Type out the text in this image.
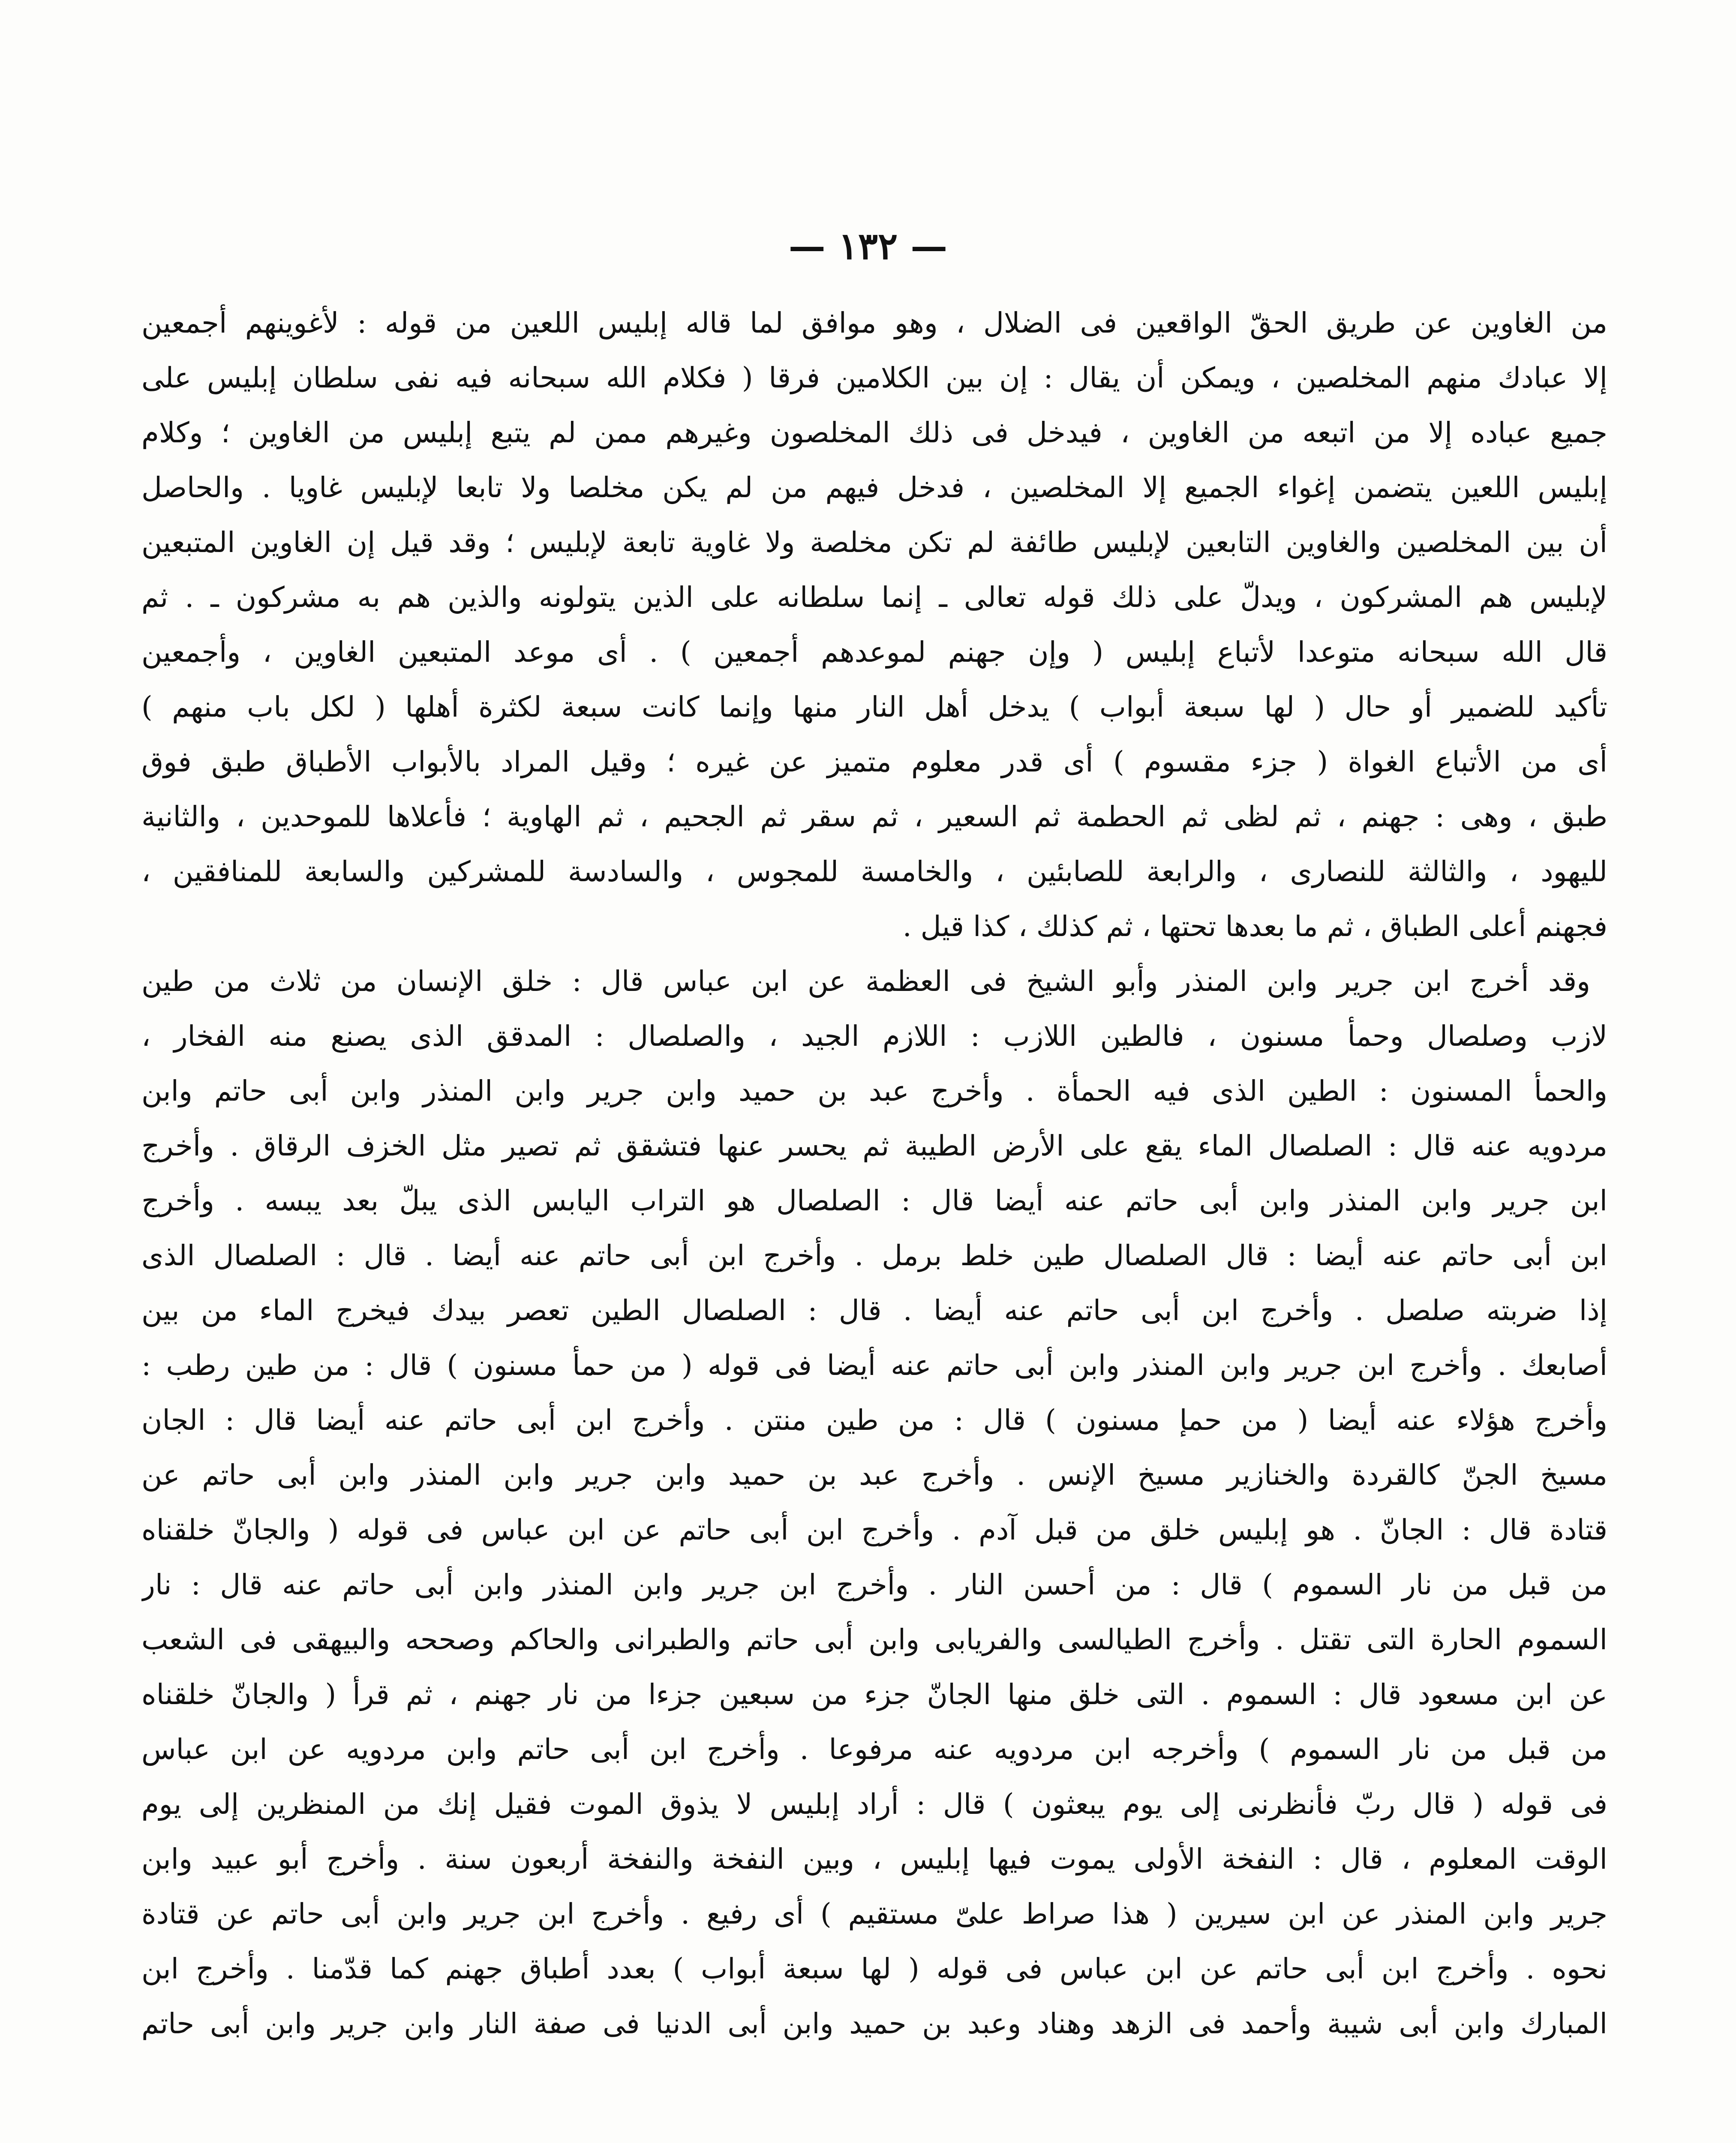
— ١٣٢ —
من الغاوين عن طريق الحقّ الواقعين فى الضلال ، وهو موافق لما قاله إبليس اللعين من قوله : لأغوينهم أجمعين
إلا عبادك منهم المخلصين ، ويمكن أن يقال : إن بين الكلامين فرقا ( فكلام الله سبحانه فيه نفى سلطان إبليس على
جميع عباده إلا من اتبعه من الغاوين ، فيدخل فى ذلك المخلصون وغيرهم ممن لم يتبع إبليس من الغاوين ؛ وكلام
إبليس اللعين يتضمن إغواء الجميع إلا المخلصين ، فدخل فيهم من لم يكن مخلصا ولا تابعا لإبليس غاويا . والحاصل
أن بين المخلصين والغاوين التابعين لإبليس طائفة لم تكن مخلصة ولا غاوية تابعة لإبليس ؛ وقد قيل إن الغاوين المتبعين
لإبليس هم المشركون ، ويدلّ على ذلك قوله تعالى ـ إنما سلطانه على الذين يتولونه والذين هم به مشركون ـ . ثم
قال الله سبحانه متوعدا لأتباع إبليس ( وإن جهنم لموعدهم أجمعين ) . أى موعد المتبعين الغاوين ، وأجمعين
تأكيد للضمير أو حال ( لها سبعة أبواب ) يدخل أهل النار منها وإنما كانت سبعة لكثرة أهلها ( لكل باب منهم )
أى من الأتباع الغواة ( جزء مقسوم ) أى قدر معلوم متميز عن غيره ؛ وقيل المراد بالأبواب الأطباق طبق فوق
طبق ، وهى : جهنم ، ثم لظى ثم الحطمة ثم السعير ، ثم سقر ثم الجحيم ، ثم الهاوية ؛ فأعلاها للموحدين ، والثانية
لليهود ، والثالثة للنصارى ، والرابعة للصابئين ، والخامسة للمجوس ، والسادسة للمشركين والسابعة للمنافقين ،
فجهنم أعلى الطباق ، ثم ما بعدها تحتها ، ثم كذلك ، كذا قيل .
وقد أخرج ابن جرير وابن المنذر وأبو الشيخ فى العظمة عن ابن عباس قال : خلق الإنسان من ثلاث من طين
لازب وصلصال وحمأ مسنون ، فالطين اللازب : اللازم الجيد ، والصلصال : المدقق الذى يصنع منه الفخار ،
والحمأ المسنون : الطين الذى فيه الحمأة . وأخرج عبد بن حميد وابن جرير وابن المنذر وابن أبى حاتم وابن
مردويه عنه قال : الصلصال الماء يقع على الأرض الطيبة ثم يحسر عنها فتشقق ثم تصير مثل الخزف الرقاق . وأخرج
ابن جرير وابن المنذر وابن أبى حاتم عنه أيضا قال : الصلصال هو التراب اليابس الذى يبلّ بعد يبسه . وأخرج
ابن أبى حاتم عنه أيضا : قال الصلصال طين خلط برمل . وأخرج ابن أبى حاتم عنه أيضا . قال : الصلصال الذى
إذا ضربته صلصل . وأخرج ابن أبى حاتم عنه أيضا . قال : الصلصال الطين تعصر بيدك فيخرج الماء من بين
أصابعك . وأخرج ابن جرير وابن المنذر وابن أبى حاتم عنه أيضا فى قوله ( من حمأ مسنون ) قال : من طين رطب :
وأخرج هؤلاء عنه أيضا ( من حمإ مسنون ) قال : من طين منتن . وأخرج ابن أبى حاتم عنه أيضا قال : الجان
مسيخ الجنّ كالقردة والخنازير مسيخ الإنس . وأخرج عبد بن حميد وابن جرير وابن المنذر وابن أبى حاتم عن
قتادة قال : الجانّ . هو إبليس خلق من قبل آدم . وأخرج ابن أبى حاتم عن ابن عباس فى قوله ( والجانّ خلقناه
من قبل من نار السموم ) قال : من أحسن النار . وأخرج ابن جرير وابن المنذر وابن أبى حاتم عنه قال : نار
السموم الحارة التى تقتل . وأخرج الطيالسى والفريابى وابن أبى حاتم والطبرانى والحاكم وصححه والبيهقى فى الشعب
عن ابن مسعود قال : السموم . التى خلق منها الجانّ جزء من سبعين جزءا من نار جهنم ، ثم قرأ ( والجانّ خلقناه
من قبل من نار السموم ) وأخرجه ابن مردويه عنه مرفوعا . وأخرج ابن أبى حاتم وابن مردويه عن ابن عباس
فى قوله ( قال ربّ فأنظرنى إلى يوم يبعثون ) قال : أراد إبليس لا يذوق الموت فقيل إنك من المنظرين إلى يوم
الوقت المعلوم ، قال : النفخة الأولى يموت فيها إبليس ، وبين النفخة والنفخة أربعون سنة . وأخرج أبو عبيد وابن
جرير وابن المنذر عن ابن سيرين ( هذا صراط علىّ مستقيم ) أى رفيع . وأخرج ابن جرير وابن أبى حاتم عن قتادة
نحوه . وأخرج ابن أبى حاتم عن ابن عباس فى قوله ( لها سبعة أبواب ) بعدد أطباق جهنم كما قدّمنا . وأخرج ابن
المبارك وابن أبى شيبة وأحمد فى الزهد وهناد وعبد بن حميد وابن أبى الدنيا فى صفة النار وابن جرير وابن أبى حاتم
